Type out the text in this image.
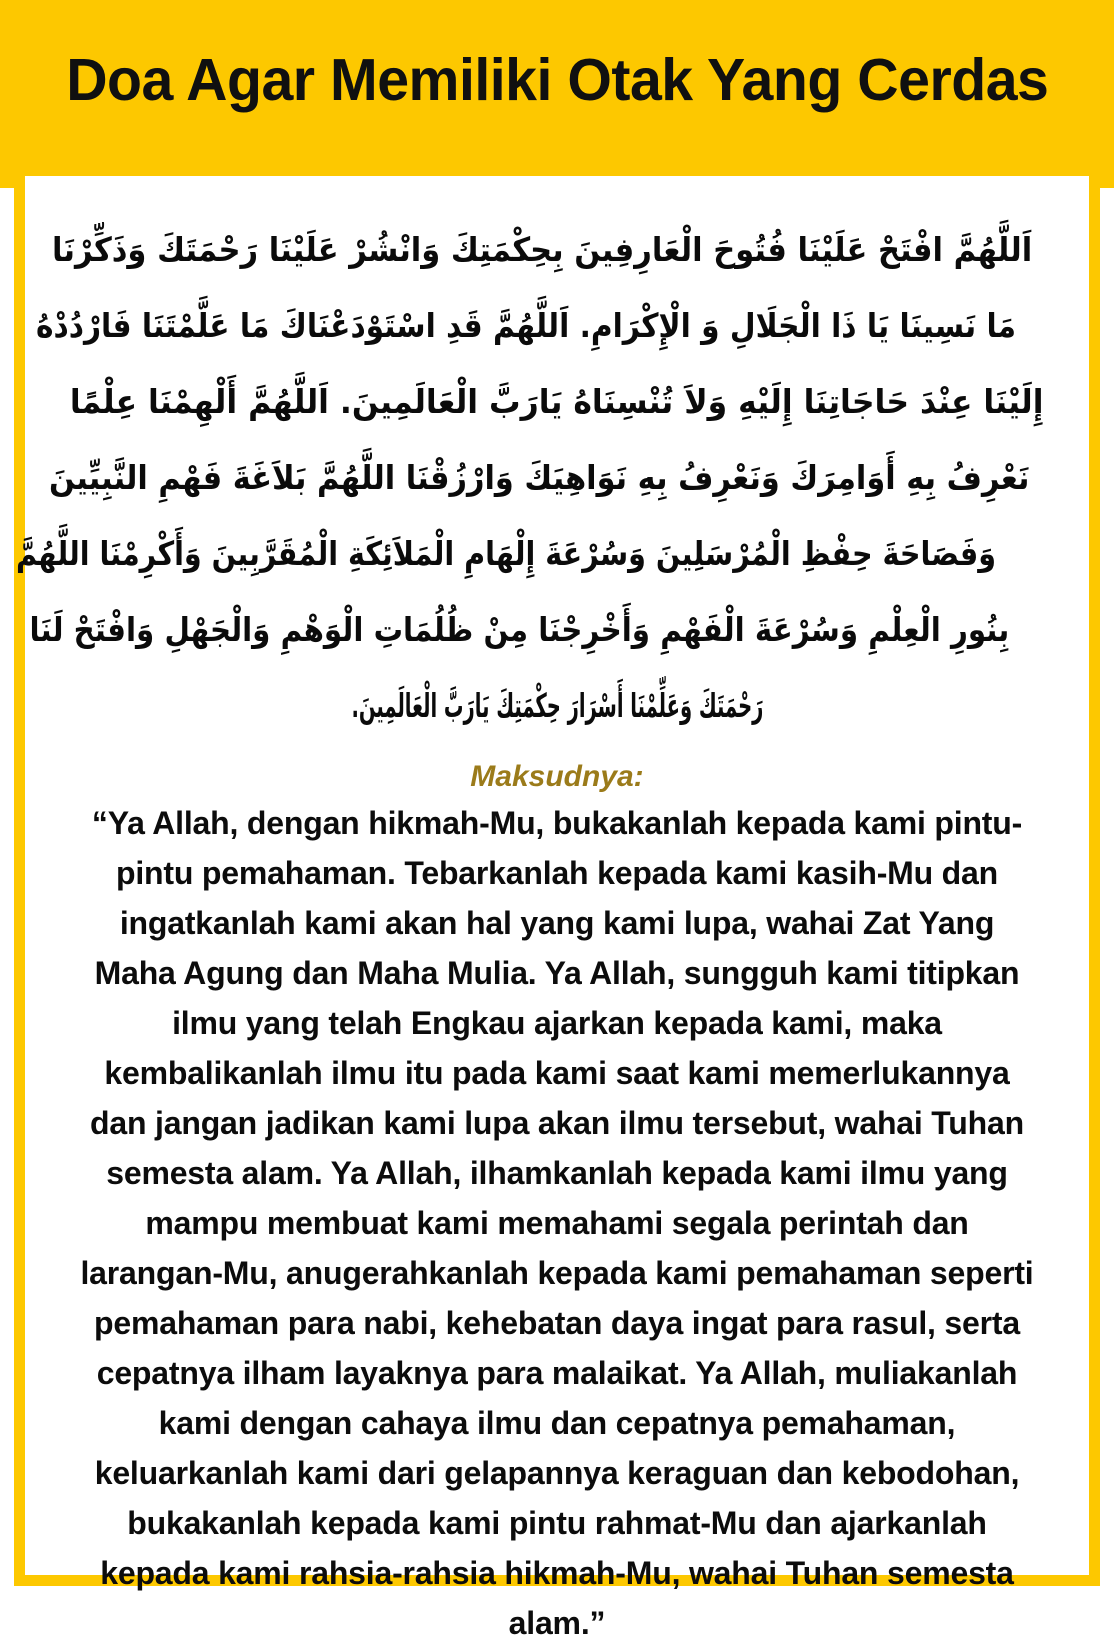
Doa Agar Memiliki Otak Yang Cerdas
اَللَّهُمَّ افْتَحْ عَلَيْنَا فُتُوحَ الْعَارِفِينَ بِحِكْمَتِكَ وَانْشُرْ عَلَيْنَا رَحْمَتَكَ وَذَكِّرْنَا مَا نَسِينَا يَا ذَا الْجَلَالِ وَ الْإِكْرَامِ. اَللَّهُمَّ قَدِ اسْتَوْدَعْنَاكَ مَا عَلَّمْتَنَا فَارْدُدْهُ إِلَيْنَا عِنْدَ حَاجَاتِنَا إِلَيْهِ وَلاَ تُنْسِنَاهُ يَارَبَّ الْعَالَمِينَ. اَللَّهُمَّ أَلْهِمْنَا عِلْمًا نَعْرِفُ بِهِ أَوَامِرَكَ وَنَعْرِفُ بِهِ نَوَاهِيَكَ وَارْزُقْنَا اللَّهُمَّ بَلاَغَةَ فَهْمِ النَّبِيِّينَ وَفَصَاحَةَ حِفْظِ الْمُرْسَلِينَ وَسُرْعَةَ إِلْهَامِ الْمَلاَئِكَةِ الْمُقَرَّبِينَ وَأَكْرِمْنَا اللَّهُمَّ بِنُورِ الْعِلْمِ وَسُرْعَةَ الْفَهْمِ وَأَخْرِجْنَا مِنْ ظُلُمَاتِ الْوَهْمِ وَالْجَهْلِ وَافْتَحْ لَنَا رَحْمَتَكَ وَعَلِّمْنَا أَسْرَارَ حِكْمَتِكَ يَارَبَّ الْعَالَمِينَ.
Maksudnya:
“Ya Allah, dengan hikmah-Mu, bukakanlah kepada kami pintu-pintu pemahaman. Tebarkanlah kepada kami kasih-Mu dan ingatkanlah kami akan hal yang kami lupa, wahai Zat Yang Maha Agung dan Maha Mulia. Ya Allah, sungguh kami titipkan ilmu yang telah Engkau ajarkan kepada kami, maka kembalikanlah ilmu itu pada kami saat kami memerlukannya dan jangan jadikan kami lupa akan ilmu tersebut, wahai Tuhan semesta alam. Ya Allah, ilhamkanlah kepada kami ilmu yang mampu membuat kami memahami segala perintah dan larangan-Mu, anugerahkanlah kepada kami pemahaman seperti pemahaman para nabi, kehebatan daya ingat para rasul, serta cepatnya ilham layaknya para malaikat. Ya Allah, muliakanlah kami dengan cahaya ilmu dan cepatnya pemahaman, keluarkanlah kami dari gelapannya keraguan dan kebodohan, bukakanlah kepada kami pintu rahmat-Mu dan ajarkanlah kepada kami rahsia-rahsia hikmah-Mu, wahai Tuhan semesta alam.”
